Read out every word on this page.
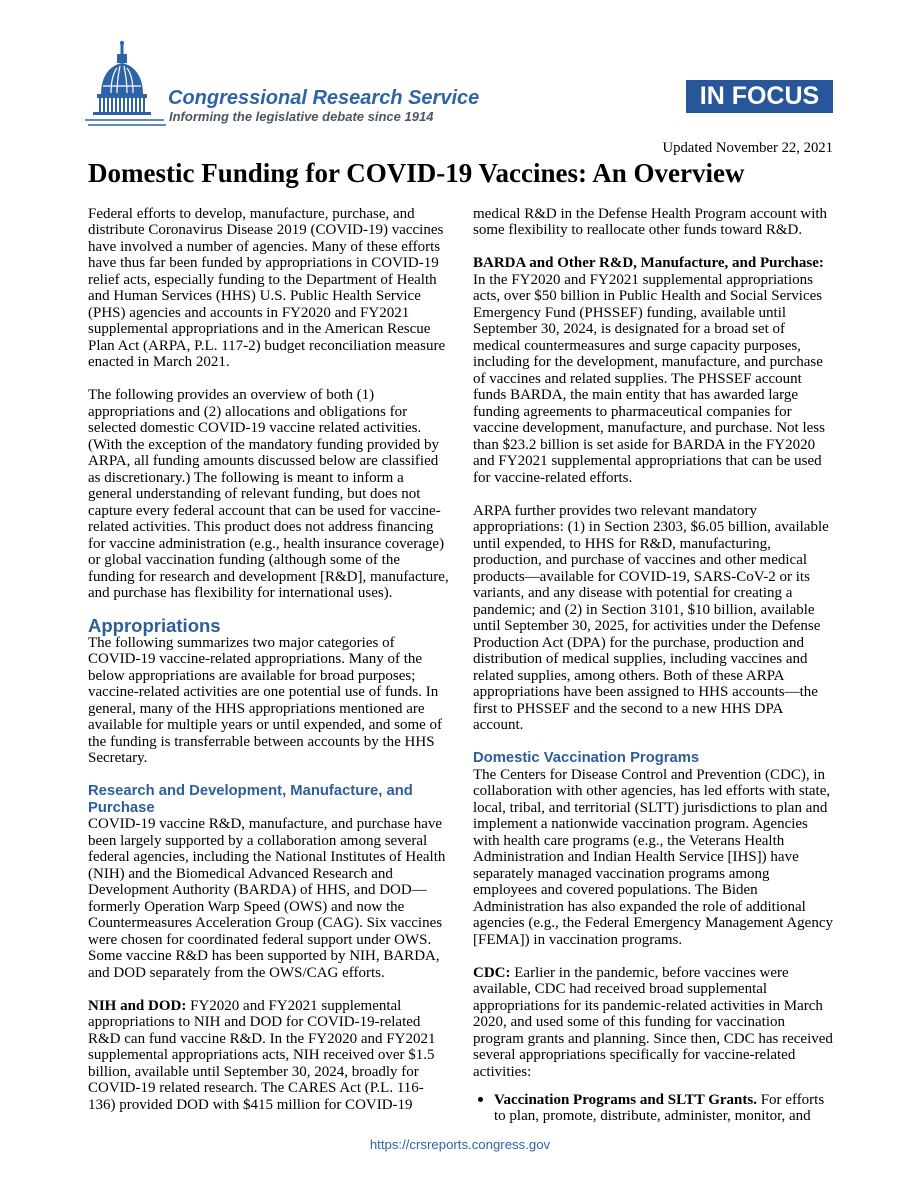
Congressional Research Service
Informing the legislative debate since 1914
IN FOCUS
Updated November 22, 2021
Domestic Funding for COVID-19 Vaccines: An Overview
Federal efforts to develop, manufacture, purchase, and
distribute Coronavirus Disease 2019 (COVID-19) vaccines
have involved a number of agencies. Many of these efforts
have thus far been funded by appropriations in COVID-19
relief acts, especially funding to the Department of Health
and Human Services (HHS) U.S. Public Health Service
(PHS) agencies and accounts in FY2020 and FY2021
supplemental appropriations and in the American Rescue
Plan Act (ARPA, P.L. 117-2) budget reconciliation measure
enacted in March 2021.
The following provides an overview of both (1)
appropriations and (2) allocations and obligations for
selected domestic COVID-19 vaccine related activities.
(With the exception of the mandatory funding provided by
ARPA, all funding amounts discussed below are classified
as discretionary.) The following is meant to inform a
general understanding of relevant funding, but does not
capture every federal account that can be used for vaccine-
related activities. This product does not address financing
for vaccine administration (e.g., health insurance coverage)
or global vaccination funding (although some of the
funding for research and development [R&D], manufacture,
and purchase has flexibility for international uses).
Appropriations
The following summarizes two major categories of
COVID-19 vaccine-related appropriations. Many of the
below appropriations are available for broad purposes;
vaccine-related activities are one potential use of funds. In
general, many of the HHS appropriations mentioned are
available for multiple years or until expended, and some of
the funding is transferrable between accounts by the HHS
Secretary.
Research and Development, Manufacture, and
Purchase
COVID-19 vaccine R&D, manufacture, and purchase have
been largely supported by a collaboration among several
federal agencies, including the National Institutes of Health
(NIH) and the Biomedical Advanced Research and
Development Authority (BARDA) of HHS, and DOD—
formerly Operation Warp Speed (OWS) and now the
Countermeasures Acceleration Group (CAG). Six vaccines
were chosen for coordinated federal support under OWS.
Some vaccine R&D has been supported by NIH, BARDA,
and DOD separately from the OWS/CAG efforts.
NIH and DOD: FY2020 and FY2021 supplemental
appropriations to NIH and DOD for COVID-19-related
R&D can fund vaccine R&D. In the FY2020 and FY2021
supplemental appropriations acts, NIH received over $1.5
billion, available until September 30, 2024, broadly for
COVID-19 related research. The CARES Act (P.L. 116-
136) provided DOD with $415 million for COVID-19
medical R&D in the Defense Health Program account with
some flexibility to reallocate other funds toward R&D.
BARDA and Other R&D, Manufacture, and Purchase:
In the FY2020 and FY2021 supplemental appropriations
acts, over $50 billion in Public Health and Social Services
Emergency Fund (PHSSEF) funding, available until
September 30, 2024, is designated for a broad set of
medical countermeasures and surge capacity purposes,
including for the development, manufacture, and purchase
of vaccines and related supplies. The PHSSEF account
funds BARDA, the main entity that has awarded large
funding agreements to pharmaceutical companies for
vaccine development, manufacture, and purchase. Not less
than $23.2 billion is set aside for BARDA in the FY2020
and FY2021 supplemental appropriations that can be used
for vaccine-related efforts.
ARPA further provides two relevant mandatory
appropriations: (1) in Section 2303, $6.05 billion, available
until expended, to HHS for R&D, manufacturing,
production, and purchase of vaccines and other medical
products—available for COVID-19, SARS-CoV-2 or its
variants, and any disease with potential for creating a
pandemic; and (2) in Section 3101, $10 billion, available
until September 30, 2025, for activities under the Defense
Production Act (DPA) for the purchase, production and
distribution of medical supplies, including vaccines and
related supplies, among others. Both of these ARPA
appropriations have been assigned to HHS accounts—the
first to PHSSEF and the second to a new HHS DPA
account.
Domestic Vaccination Programs
The Centers for Disease Control and Prevention (CDC), in
collaboration with other agencies, has led efforts with state,
local, tribal, and territorial (SLTT) jurisdictions to plan and
implement a nationwide vaccination program. Agencies
with health care programs (e.g., the Veterans Health
Administration and Indian Health Service [IHS]) have
separately managed vaccination programs among
employees and covered populations. The Biden
Administration has also expanded the role of additional
agencies (e.g., the Federal Emergency Management Agency
[FEMA]) in vaccination programs.
CDC: Earlier in the pandemic, before vaccines were
available, CDC had received broad supplemental
appropriations for its pandemic-related activities in March
2020, and used some of this funding for vaccination
program grants and planning. Since then, CDC has received
several appropriations specifically for vaccine-related
activities:
Vaccination Programs and SLTT Grants. For efforts
to plan, promote, distribute, administer, monitor, and
https://crsreports.congress.gov
